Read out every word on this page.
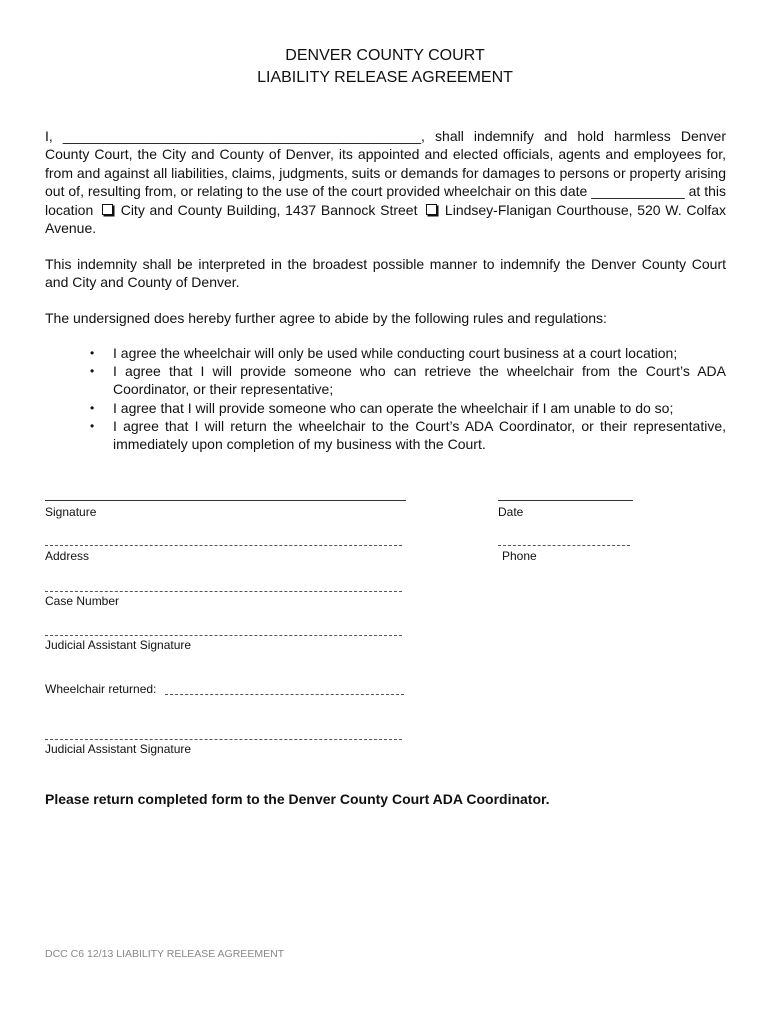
DENVER COUNTY COURT
LIABILITY RELEASE AGREEMENT
I, ______________________________________________, shall indemnify and hold harmless Denver County Court, the City and County of Denver, its appointed and elected officials, agents and employees for, from and against all liabilities, claims, judgments, suits or demands for damages to persons or property arising out of, resulting from, or relating to the use of the court provided wheelchair on this date ____________ at this location City and County Building, 1437 Bannock Street Lindsey-Flanigan Courthouse, 520 W. Colfax Avenue.
This indemnity shall be interpreted in the broadest possible manner to indemnify the Denver County Court and City and County of Denver.
The undersigned does hereby further agree to abide by the following rules and regulations:
• I agree the wheelchair will only be used while conducting court business at a court location;
• I agree that I will provide someone who can retrieve the wheelchair from the Court’s ADA Coordinator, or their representative;
• I agree that I will provide someone who can operate the wheelchair if I am unable to do so;
• I agree that I will return the wheelchair to the Court’s ADA Coordinator, or their representative, immediately upon completion of my business with the Court.
Signature	Date
Address	Phone
Case Number
Judicial Assistant Signature
Wheelchair returned:
Judicial Assistant Signature
Please return completed form to the Denver County Court ADA Coordinator.
DCC C6 12/13 LIABILITY RELEASE AGREEMENT
